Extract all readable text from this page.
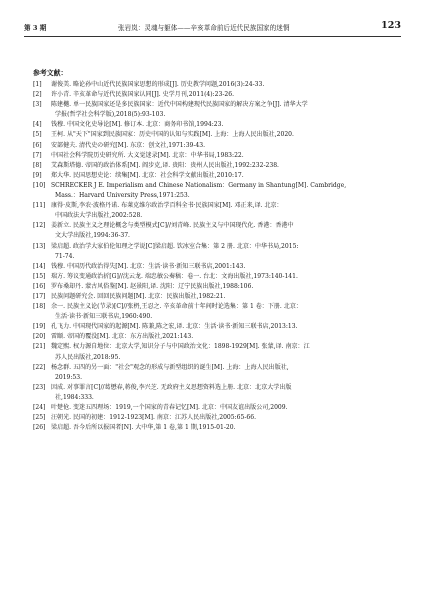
第 3 期	张岩岚：灵魂与躯体——辛亥革命前后近代民族国家的迷惘	123
参考文献：
[1] 谢俊美. 略论孙中山近代民族国家思想的形成[J]. 历史教学问题,2016(3):24-33.
[2] 许小青. 辛亥革命与近代民族国家认同[J]. 史学月刊,2011(4):23-26.
[3] 陈建樾. 单一民族国家还是多民族国家：近代中国构建现代民族国家的解决方案之争[J]. 清华大学
学报(哲学社会科学版),2018(5):93-103.
[4] 钱穆. 中国文化史导论[M]. 修订本. 北京：商务印书馆,1994:23.
[5] 王柯. 从"天下"国家到民族国家：历史中国的认知与实践[M]. 上海：上海人民出版社,2020.
[6] 安部健夫. 清代史の研究[M]. 东京：创文社,1971:39-43.
[7] 中国社会科学院历史研究所. 大义觉迷录[M]. 北京：中华书局,1983:22.
[8] 艾森斯塔德. 帝国的政治体系[M]. 阎步克,译. 贵阳：贵州人民出版社,1992:232-238.
[9] 郑大华. 民国思想史论：续集[M]. 北京：社会科学文献出版社,2010:17.
[10] SCHRECKER J E. Imperialism and Chinese Nationalism：Germany in Shantung[M]. Cambridge,
Mass.：Harvard University Press,1971:253.
[11] 康得·皮斯,李农·波格丹诺. 布莱克维尔政治学百科全书·民族国家[M]. 邓正来,译. 北京：
中国政法大学出版社,2002:528.
[12] 姜新立. 民族主义之理论概念与类型模式[C]//刘青峰. 民族主义与中国现代化. 香港：香港中
文大学出版社,1994:36-37.
[13] 梁启超. 政治学大家伯伦知理之学说[C]梁启超. 饮冰室合集：第 2 册. 北京：中华书局,2015:
71-74.
[14] 钱穆. 中国历代政治得失[M]. 北京：生活·读书·新知三联书店,2001:143.
[15] 瑞方. 筹议变通政治折[G]//沈云龙. 端忠敏公奏稿：卷一. 台北：文海出版社,1973:140-141.
[16] 罗布桑却丹. 蒙古风俗鉴[M]. 赵景阳,译. 沈阳：辽宁民族出版社,1988:106.
[17] 民族问题研究会. 回回民族问题[M]. 北京：民族出版社,1982:21.
[18] 余一. 民族主义论(节录)[C]//张枬,王忍之. 辛亥革命前十年间时论选集：第 1 卷：下册. 北京：
生活·读书·新知三联书店,1960:490.
[19] 孔飞力. 中国现代国家的起源[M]. 陈兼,陈之宏,译. 北京：生活·读书·新知三联书店,2013:13.
[20] 雷颐. 帝国的覆没[M]. 北京：东方出版社,2021:143.
[21] 魏定熙. 权力源自地位：北京大学,知识分子与中国政治文化：1898-1929[M]. 张蒙,译. 南京：江
苏人民出版社,2018:95.
[22] 杨念群. 五四的另一面："社会"观念的形成与新型组织的诞生[M]. 上海：上海人民出版社,
2019:53.
[23] 因成. 对事罪言[C]//葛懋春,蒋俊,李兴芝. 无政府主义思想资料选上册. 北京：北京大学出版
社,1984:333.
[24] 叶楚伧. 变迷五四理场：1919,一个国家的青春记忆[M]. 北京：中国友谊出版公司,2009.
[25] 汪朝光. 民国的初建：1912-1923[M]. 南京：江苏人民出版社,2005:65-66.
[26] 梁启超. 吾今后所以报国者[N]. 大中华,第 1 卷,第 1 期,1915-01-20.
